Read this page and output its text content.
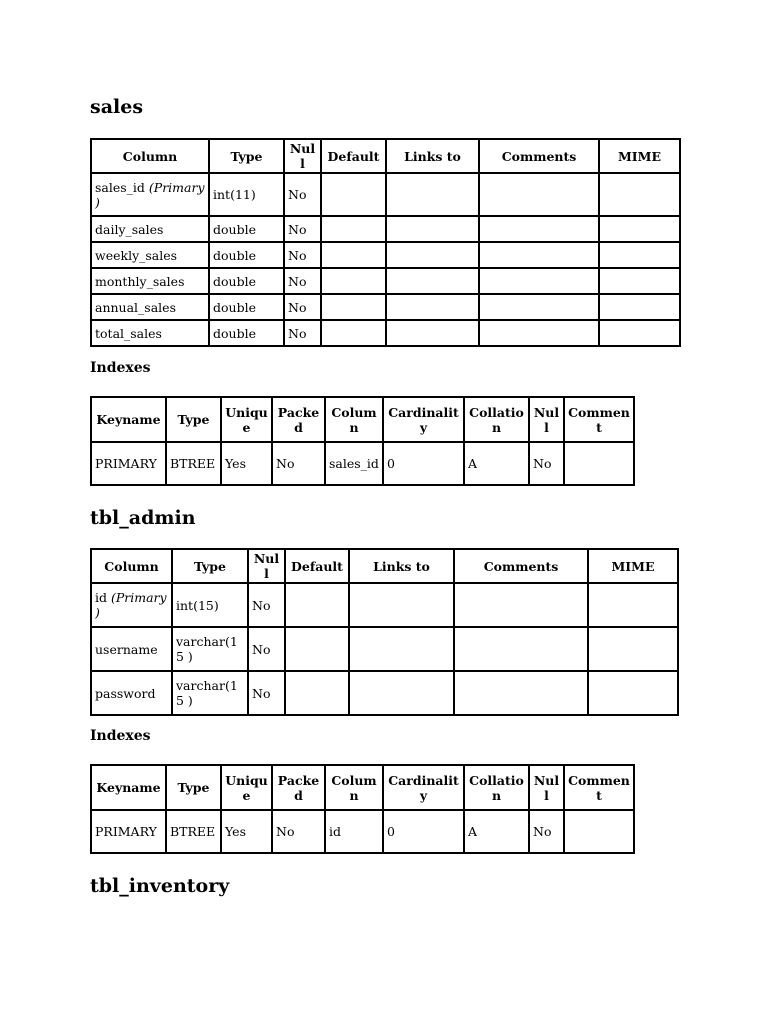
sales
Column	Type	Null	Default	Links to	Comments	MIME
sales_id (Primary )	int(11)	No				
daily_sales	double	No				
weekly_sales	double	No				
monthly_sales	double	No				
annual_sales	double	No				
total_sales	double	No				
Indexes
Keyname	Type	Unique	Packed	Column	Cardinality	Collation	Null	Comment
PRIMARY	BTREE	Yes	No	sales_id	0	A	No	
tbl_admin
Column	Type	Null	Default	Links to	Comments	MIME
id (Primary )	int(15)	No				
username	varchar(15 )	No				
password	varchar(15 )	No				
Indexes
Keyname	Type	Unique	Packed	Column	Cardinality	Collation	Null	Comment
PRIMARY	BTREE	Yes	No	id	0	A	No	
tbl_inventory
